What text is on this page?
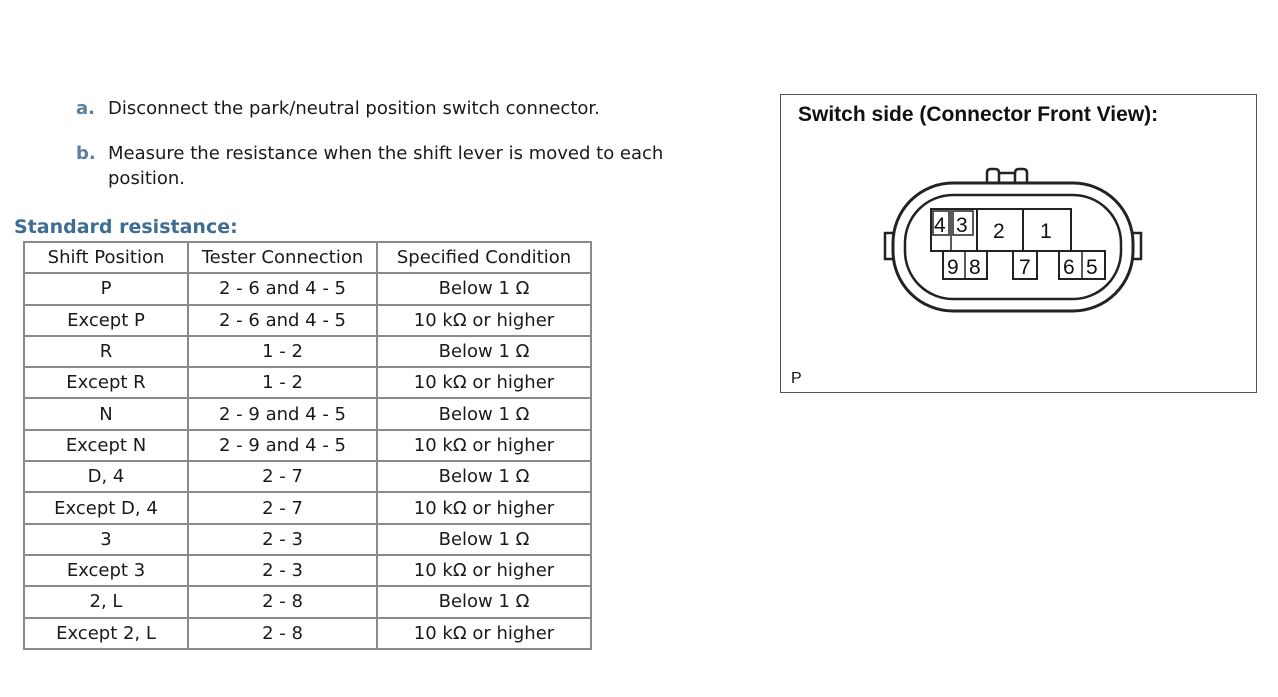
a. Disconnect the park/neutral position switch connector.
b. Measure the resistance when the shift lever is moved to each position.
Standard resistance:
Shift Position	Tester Connection	Specified Condition
P	2 - 6 and 4 - 5	Below 1 Ω
Except P	2 - 6 and 4 - 5	10 kΩ or higher
R	1 - 2	Below 1 Ω
Except R	1 - 2	10 kΩ or higher
N	2 - 9 and 4 - 5	Below 1 Ω
Except N	2 - 9 and 4 - 5	10 kΩ or higher
D, 4	2 - 7	Below 1 Ω
Except D, 4	2 - 7	10 kΩ or higher
3	2 - 3	Below 1 Ω
Except 3	2 - 3	10 kΩ or higher
2, L	2 - 8	Below 1 Ω
Except 2, L	2 - 8	10 kΩ or higher
Switch side (Connector Front View):
4 3 2 1
9 8 7 6 5
P
